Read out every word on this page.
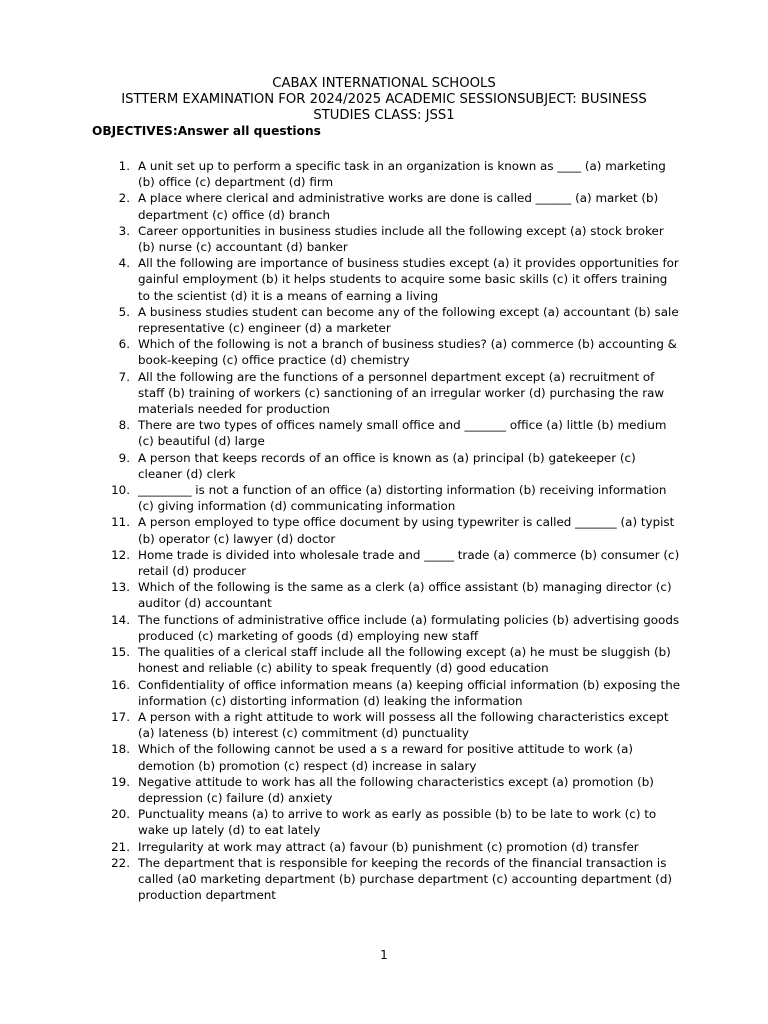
CABAX INTERNATIONAL SCHOOLS
ISTTERM EXAMINATION FOR 2024/2025 ACADEMIC SESSIONSUBJECT: BUSINESS
STUDIES CLASS: JSS1
OBJECTIVES:Answer all questions
1. A unit set up to perform a specific task in an organization is known as ____ (a) marketing (b) office (c) department (d) firm
2. A place where clerical and administrative works are done is called ______ (a) market (b) department (c) office (d) branch
3. Career opportunities in business studies include all the following except (a) stock broker (b) nurse (c) accountant (d) banker
4. All the following are importance of business studies except (a) it provides opportunities for gainful employment (b) it helps students to acquire some basic skills (c) it offers training to the scientist (d) it is a means of earning a living
5. A business studies student can become any of the following except (a) accountant (b) sale representative (c) engineer (d) a marketer
6. Which of the following is not a branch of business studies? (a) commerce (b) accounting & book-keeping (c) office practice (d) chemistry
7. All the following are the functions of a personnel department except (a) recruitment of staff (b) training of workers (c) sanctioning of an irregular worker (d) purchasing the raw materials needed for production
8. There are two types of offices namely small office and _______ office (a) little (b) medium (c) beautiful (d) large
9. A person that keeps records of an office is known as (a) principal (b) gatekeeper (c) cleaner (d) clerk
10. _________ is not a function of an office (a) distorting information (b) receiving information (c) giving information (d) communicating information
11. A person employed to type office document by using typewriter is called _______ (a) typist (b) operator (c) lawyer (d) doctor
12. Home trade is divided into wholesale trade and _____ trade (a) commerce (b) consumer (c) retail (d) producer
13. Which of the following is the same as a clerk (a) office assistant (b) managing director (c) auditor (d) accountant
14. The functions of administrative office include (a) formulating policies (b) advertising goods produced (c) marketing of goods (d) employing new staff
15. The qualities of a clerical staff include all the following except (a) he must be sluggish (b) honest and reliable (c) ability to speak frequently (d) good education
16. Confidentiality of office information means (a) keeping official information (b) exposing the information (c) distorting information (d) leaking the information
17. A person with a right attitude to work will possess all the following characteristics except (a) lateness (b) interest (c) commitment (d) punctuality
18. Which of the following cannot be used a s a reward for positive attitude to work (a) demotion (b) promotion (c) respect (d) increase in salary
19. Negative attitude to work has all the following characteristics except (a) promotion (b) depression (c) failure (d) anxiety
20. Punctuality means (a) to arrive to work as early as possible (b) to be late to work (c) to wake up lately (d) to eat lately
21. Irregularity at work may attract (a) favour (b) punishment (c) promotion (d) transfer
22. The department that is responsible for keeping the records of the financial transaction is called (a0 marketing department (b) purchase department (c) accounting department (d) production department
1
